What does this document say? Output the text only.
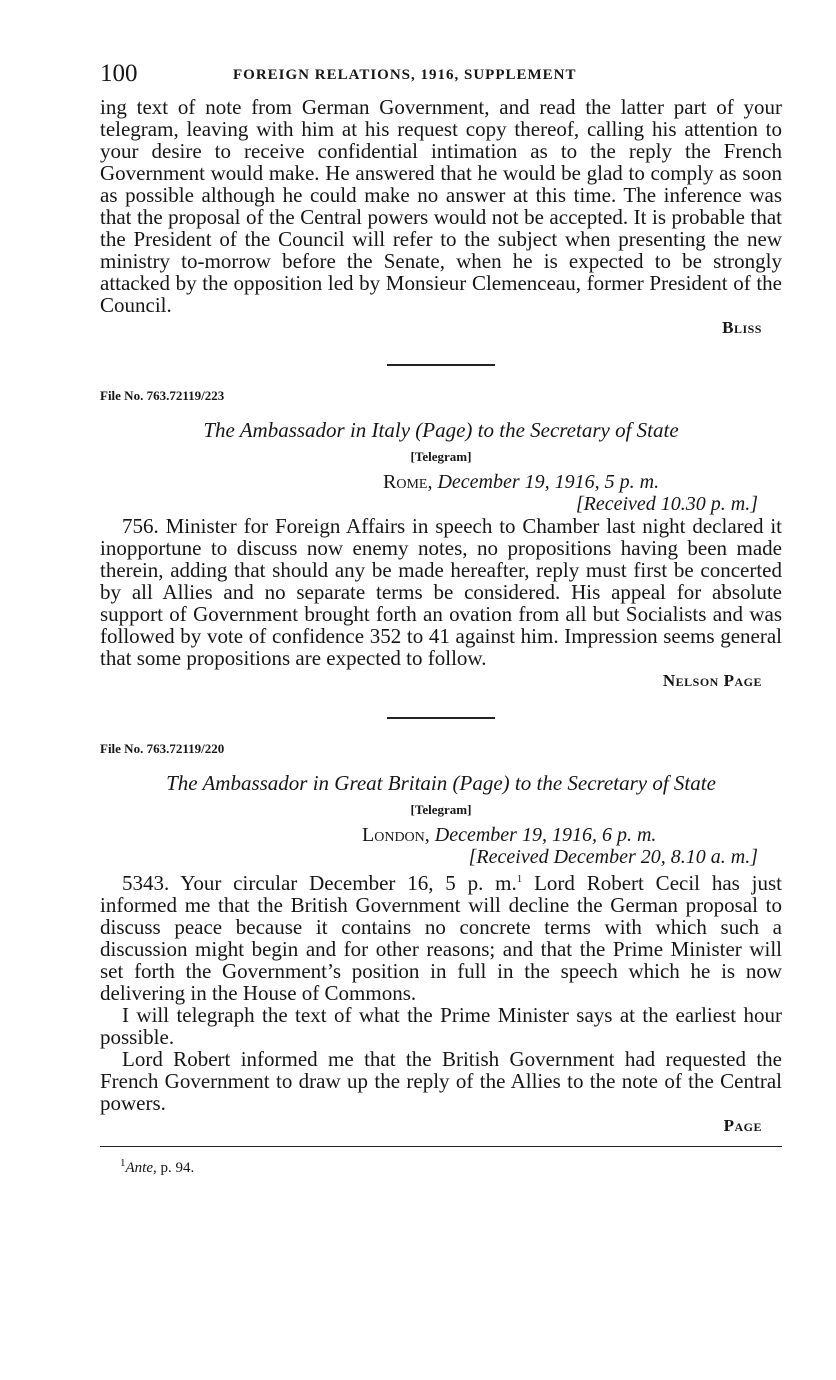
100	FOREIGN RELATIONS, 1916, SUPPLEMENT

ing text of note from German Government, and read the latter part of your telegram, leaving with him at his request copy thereof, calling his attention to your desire to receive confidential intimation as to the reply the French Government would make. He answered that he would be glad to comply as soon as possible although he could make no answer at this time. The inference was that the proposal of the Central powers would not be accepted. It is probable that the President of the Council will refer to the subject when presenting the new ministry to-morrow before the Senate, when he is expected to be strongly attacked by the opposition led by Monsieur Clemenceau, former President of the Council.

Bliss
File No. 763.72119/223
The Ambassador in Italy (Page) to the Secretary of State
[Telegram]
Rome, December 19, 1916, 5 p. m.
[Received 10.30 p. m.]

756. Minister for Foreign Affairs in speech to Chamber last night declared it inopportune to discuss now enemy notes, no propositions having been made therein, adding that should any be made hereafter, reply must first be concerted by all Allies and no separate terms be considered. His appeal for absolute support of Government brought forth an ovation from all but Socialists and was followed by vote of confidence 352 to 41 against him. Impression seems general that some propositions are expected to follow.

Nelson Page
File No. 763.72119/220
The Ambassador in Great Britain (Page) to the Secretary of State
[Telegram]
London, December 19, 1916, 6 p. m.
[Received December 20, 8.10 a. m.]

5343. Your circular December 16, 5 p. m.$^1$ Lord Robert Cecil has just informed me that the British Government will decline the German proposal to discuss peace because it contains no concrete terms with which such a discussion might begin and for other reasons; and that the Prime Minister will set forth the Government’s position in full in the speech which he is now delivering in the House of Commons.

I will telegraph the text of what the Prime Minister says at the earliest hour possible.

Lord Robert informed me that the British Government had requested the French Government to draw up the reply of the Allies to the note of the Central powers.

Page
$^1$Ante, p. 94.
